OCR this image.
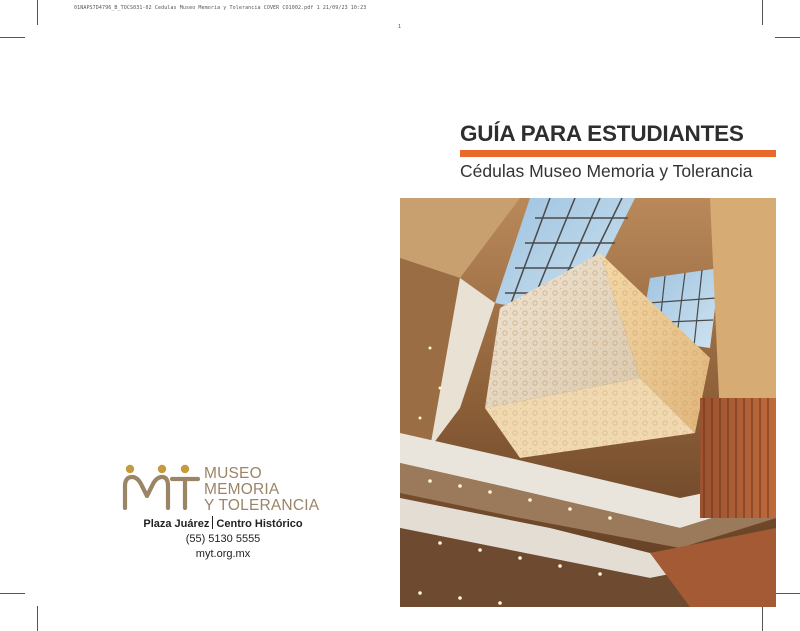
01NAPS7D4796_B_TOCS031-02 Cedulas Museo Memoria y Tolerancia COVER CO1002.pdf 1 21/09/23 10:23
1
GUÍA PARA ESTUDIANTES
Cédulas Museo Memoria y Tolerancia
MUSEO
MEMORIA
Y TOLERANCIA
Plaza Juárez Centro Histórico
(55) 5130 5555
myt.org.mx
